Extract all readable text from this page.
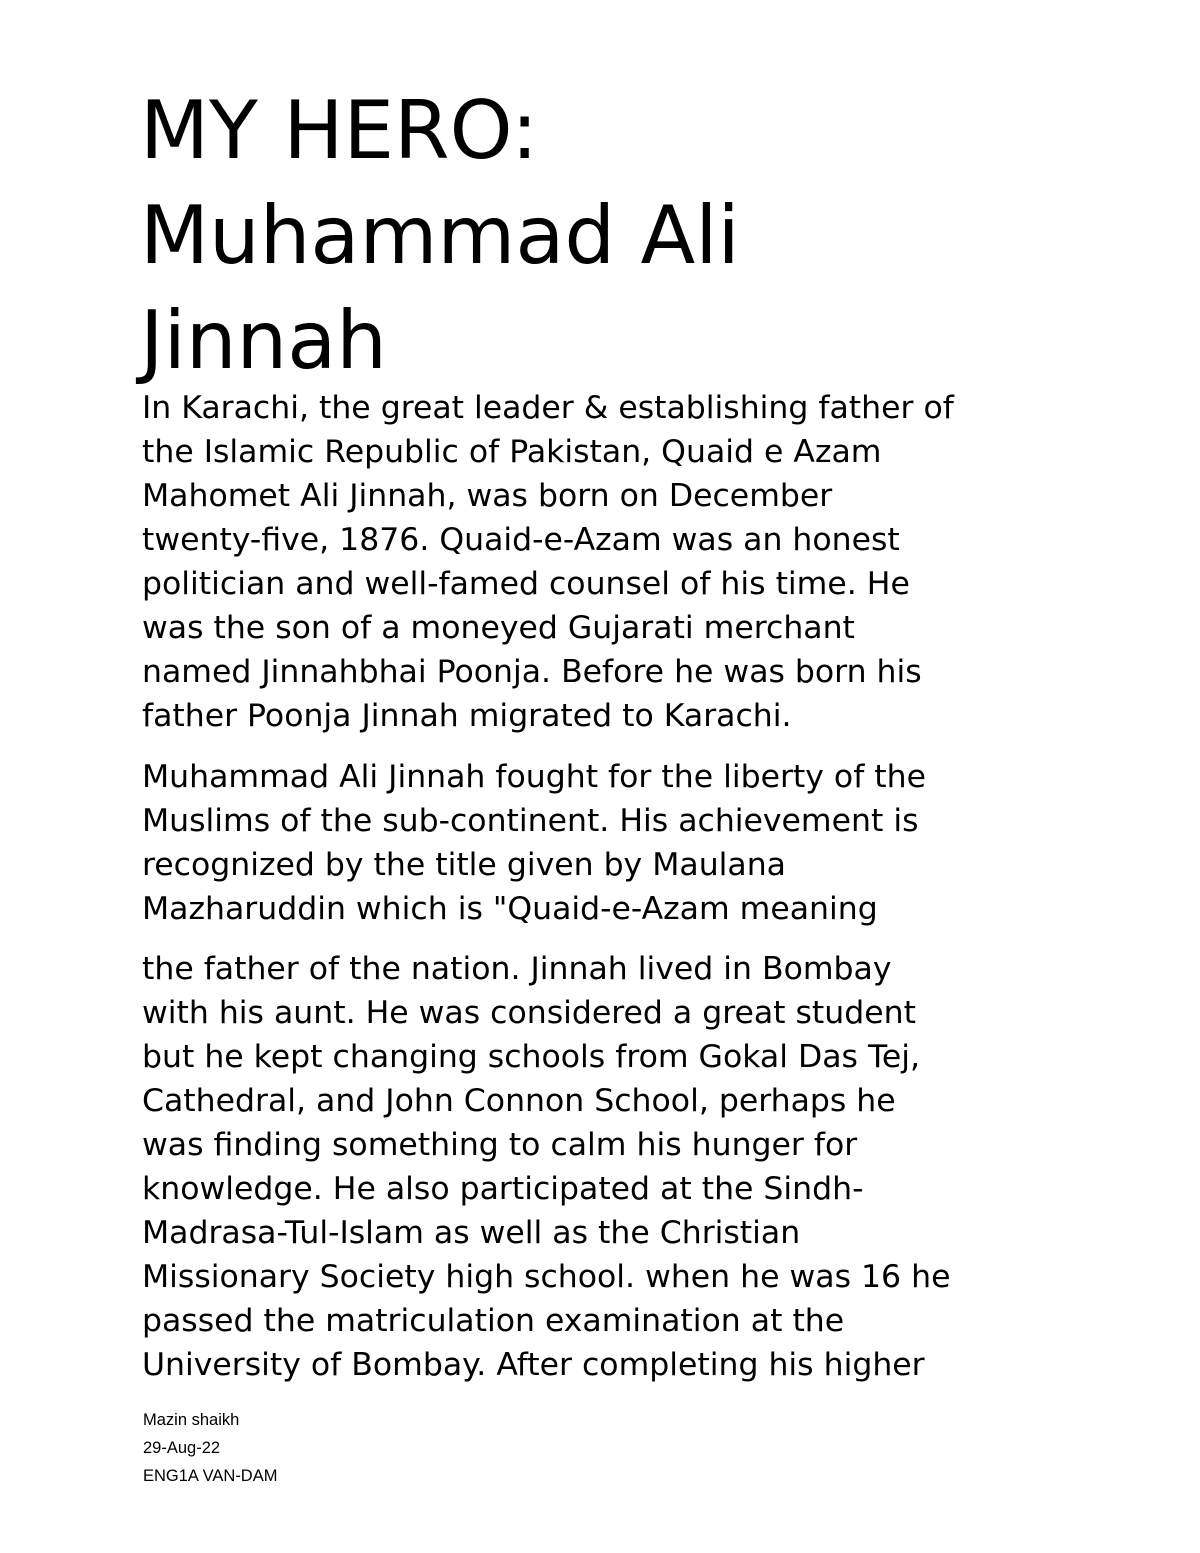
MY HERO:
Muhammad Ali
Jinnah
In Karachi, the great leader & establishing father of
the Islamic Republic of Pakistan, Quaid e Azam
Mahomet Ali Jinnah, was born on December
twenty-five, 1876. Quaid-e-Azam was an honest
politician and well-famed counsel of his time. He
was the son of a moneyed Gujarati merchant
named Jinnahbhai Poonja. Before he was born his
father Poonja Jinnah migrated to Karachi.
Muhammad Ali Jinnah fought for the liberty of the
Muslims of the sub-continent. His achievement is
recognized by the title given by Maulana
Mazharuddin which is "Quaid-e-Azam meaning
the father of the nation. Jinnah lived in Bombay
with his aunt. He was considered a great student
but he kept changing schools from Gokal Das Tej,
Cathedral, and John Connon School, perhaps he
was finding something to calm his hunger for
knowledge. He also participated at the Sindh-
Madrasa-Tul-Islam as well as the Christian
Missionary Society high school. when he was 16 he
passed the matriculation examination at the
University of Bombay. After completing his higher
Mazin shaikh
29-Aug-22
ENG1A VAN-DAM
